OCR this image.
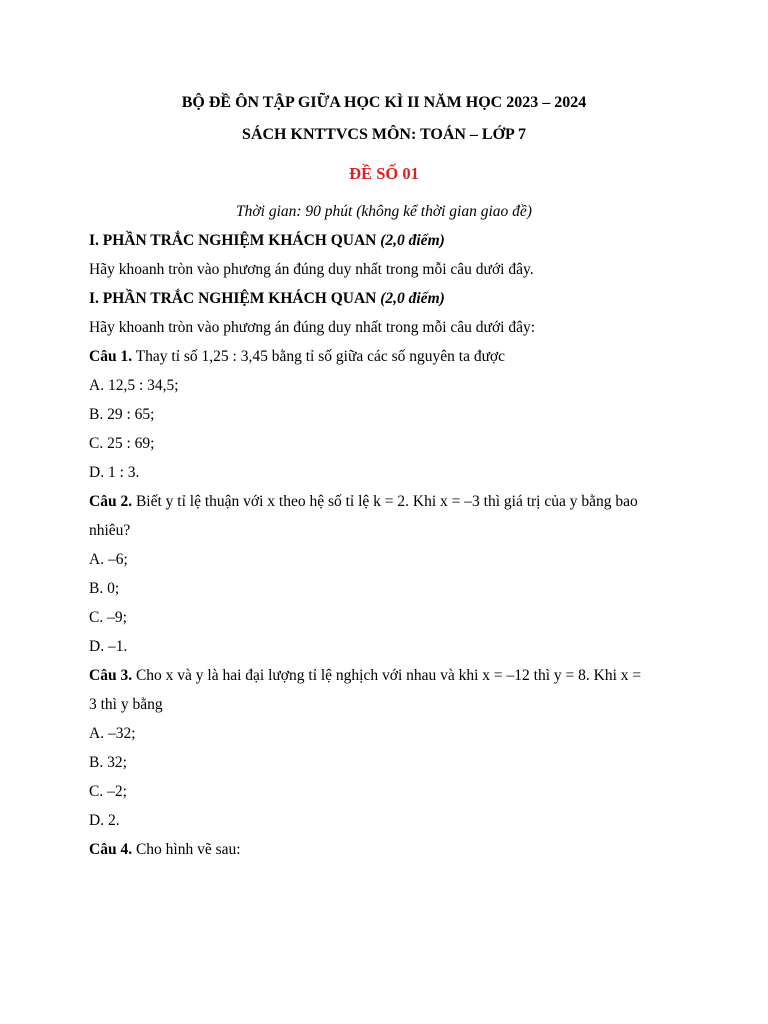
BỘ ĐỀ ÔN TẬP GIỮA HỌC KÌ II NĂM HỌC 2023 – 2024
SÁCH KNTTVCS MÔN: TOÁN – LỚP 7
ĐỀ SỐ 01
Thời gian: 90 phút (không kể thời gian giao đề)
I. PHẦN TRẮC NGHIỆM KHÁCH QUAN (2,0 điểm)
Hãy khoanh tròn vào phương án đúng duy nhất trong mỗi câu dưới đây.
I. PHẦN TRẮC NGHIỆM KHÁCH QUAN (2,0 điểm)
Hãy khoanh tròn vào phương án đúng duy nhất trong mỗi câu dưới đây:
Câu 1. Thay tỉ số 1,25 : 3,45 bằng tỉ số giữa các số nguyên ta được
A. 12,5 : 34,5;
B. 29 : 65;
C. 25 : 69;
D. 1 : 3.
Câu 2. Biết y tỉ lệ thuận với x theo hệ số tỉ lệ k = 2. Khi x = –3 thì giá trị của y bằng bao
nhiêu?
A. –6;
B. 0;
C. –9;
D. –1.
Câu 3. Cho x và y là hai đại lượng tỉ lệ nghịch với nhau và khi x = –12 thì y = 8. Khi x =
3 thì y bằng
A. –32;
B. 32;
C. –2;
D. 2.
Câu 4. Cho hình vẽ sau:
